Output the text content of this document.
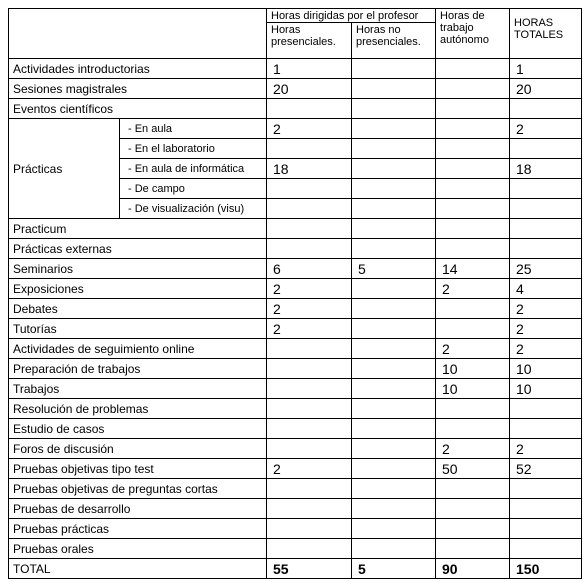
		Horas dirigidas por el profesor		Horas de trabajo autónomo	HORAS TOTALES
		Horas presenciales.	Horas no presenciales.		
Actividades introductorias		1			1
Sesiones magistrales		20			20
Eventos científicos					
Prácticas	- En aula	2			2
	- En el laboratorio				
	- En aula de informática	18			18
	- De campo				
	- De visualización (visu)				
Practicum					
Prácticas externas					
Seminarios		6	5	14	25
Exposiciones		2		2	4
Debates		2			2
Tutorías		2			2
Actividades de seguimiento online				2	2
Preparación de trabajos				10	10
Trabajos				10	10
Resolución de problemas					
Estudio de casos					
Foros de discusión				2	2
Pruebas objetivas tipo test		2		50	52
Pruebas objetivas de preguntas cortas					
Pruebas de desarrollo					
Pruebas prácticas					
Pruebas orales					
TOTAL		55	5	90	150
